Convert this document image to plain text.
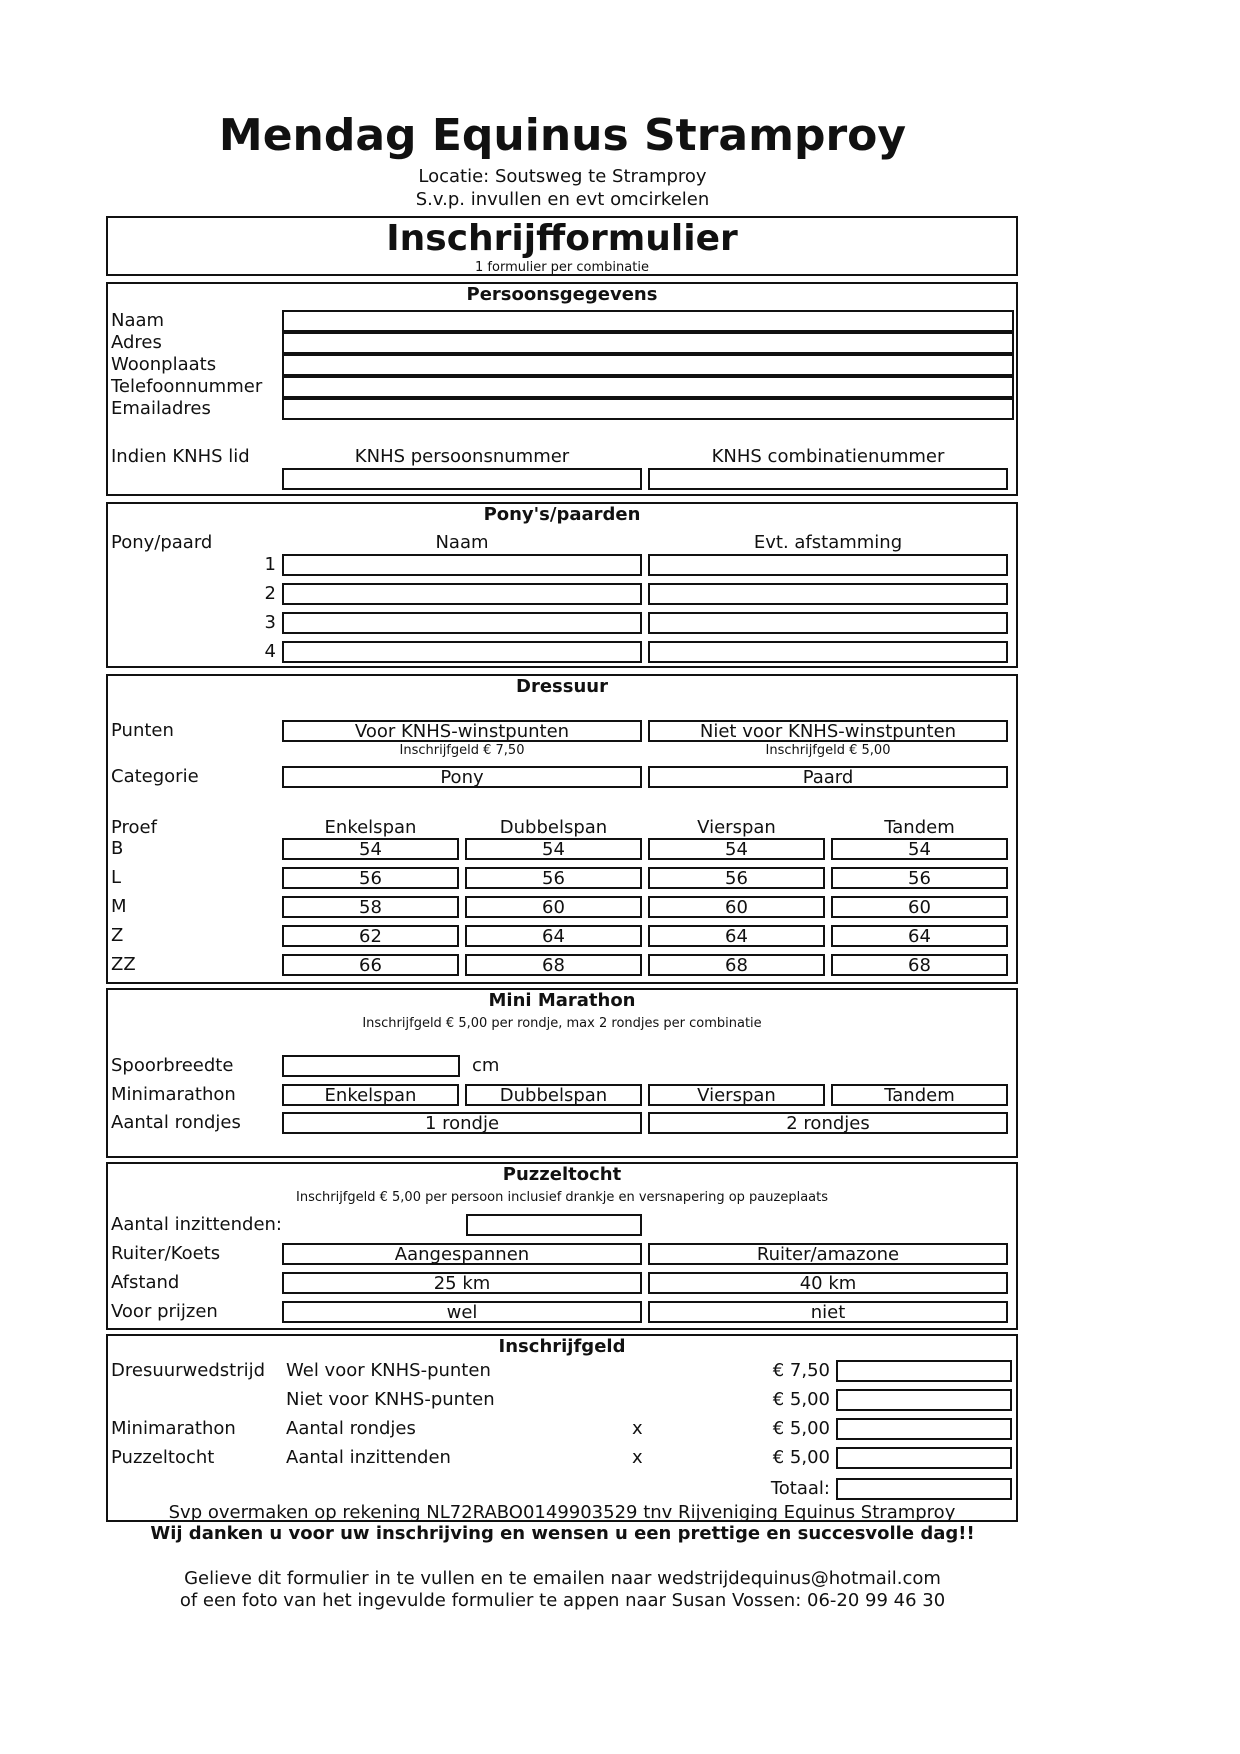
Mendag Equinus Stramproy
Locatie: Soutsweg te Stramproy
S.v.p. invullen en evt omcirkelen
Inschrijfformulier
1 formulier per combinatie
Persoonsgegevens
Naam
Adres
Woonplaats
Telefoonnummer
Emailadres
Indien KNHS lid	KNHS persoonsnummer	KNHS combinatienummer
Pony's/paarden
Pony/paard	Naam	Evt. afstamming
1
2
3
4
Dressuur
Punten	Voor KNHS-winstpunten	Niet voor KNHS-winstpunten
Inschrijfgeld € 7,50	Inschrijfgeld € 5,00
Categorie	Pony	Paard
Proef	Enkelspan	Dubbelspan	Vierspan	Tandem
B	54	54	54	54
L	56	56	56	56
M	58	60	60	60
Z	62	64	64	64
ZZ	66	68	68	68
Mini Marathon
Inschrijfgeld € 5,00 per rondje, max 2 rondjes per combinatie
Spoorbreedte	cm
Minimarathon	Enkelspan	Dubbelspan	Vierspan	Tandem
Aantal rondjes	1 rondje	2 rondjes
Puzzeltocht
Inschrijfgeld € 5,00 per persoon inclusief drankje en versnapering op pauzeplaats
Aantal inzittenden:
Ruiter/Koets	Aangespannen	Ruiter/amazone
Afstand	25 km	40 km
Voor prijzen	wel	niet
Inschrijfgeld
Dresuurwedstrijd Wel voor KNHS-punten	€ 7,50
Niet voor KNHS-punten	€ 5,00
Minimarathon	Aantal rondjes	x	€ 5,00
Puzzeltocht	Aantal inzittenden	x	€ 5,00
Totaal:
Svp overmaken op rekening NL72RABO0149903529 tnv Rijveniging Equinus Stramproy
Wij danken u voor uw inschrijving en wensen u een prettige en succesvolle dag!!
Gelieve dit formulier in te vullen en te emailen naar wedstrijdequinus@hotmail.com
of een foto van het ingevulde formulier te appen naar Susan Vossen: 06-20 99 46 30
